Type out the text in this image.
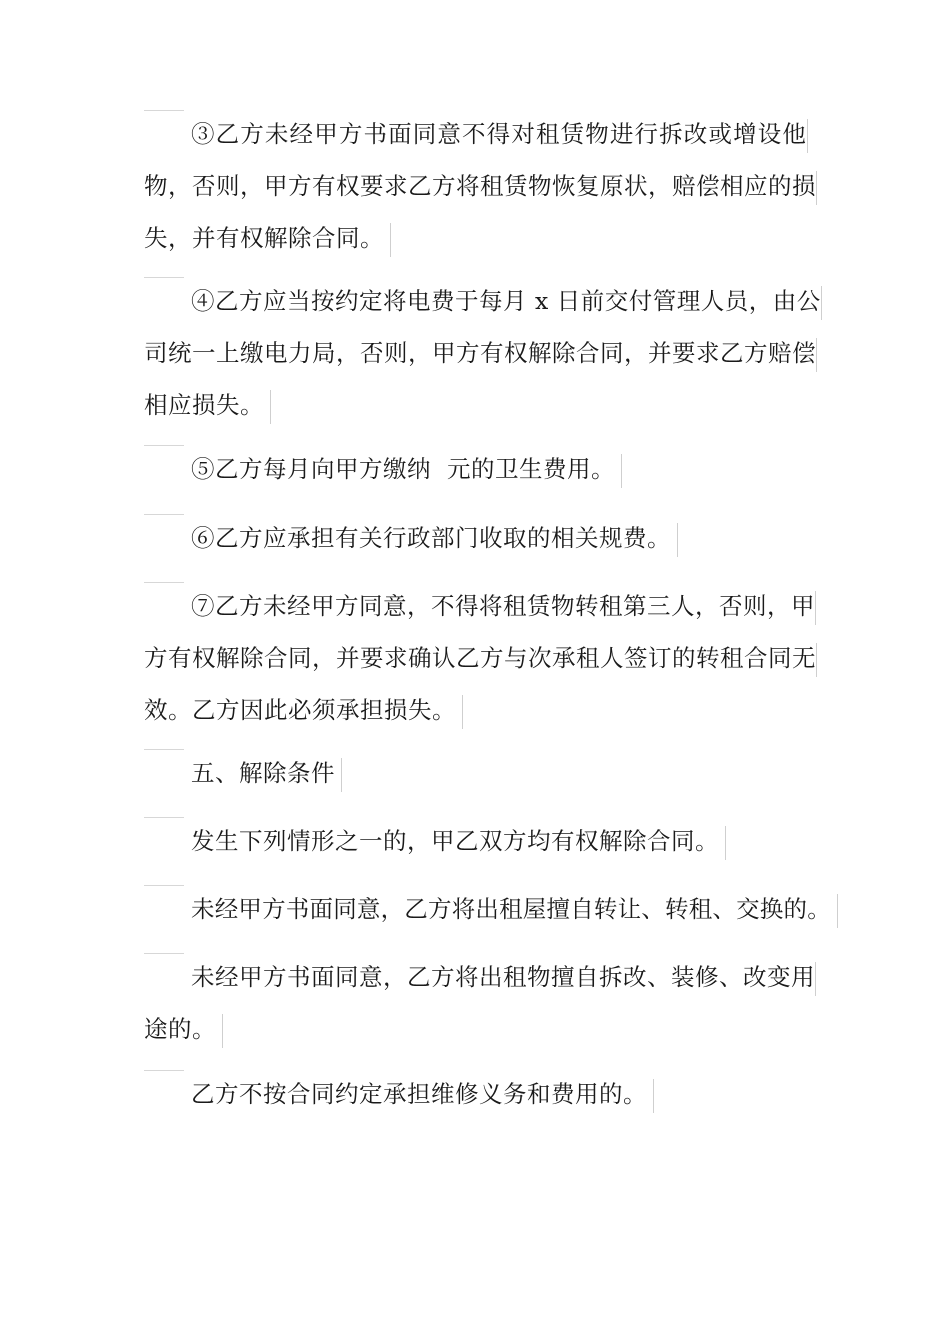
③乙方未经甲方书面同意不得对租赁物进行拆改或增设他
物，否则，甲方有权要求乙方将租赁物恢复原状，赔偿相应的损
失，并有权解除合同。
④乙方应当按约定将电费于每月 x 日前交付管理人员，由公
司统一上缴电力局，否则，甲方有权解除合同，并要求乙方赔偿
相应损失。
⑤乙方每月向甲方缴纳  元的卫生费用。
⑥乙方应承担有关行政部门收取的相关规费。
⑦乙方未经甲方同意，不得将租赁物转租第三人，否则，甲
方有权解除合同，并要求确认乙方与次承租人签订的转租合同无
效。乙方因此必须承担损失。
五、解除条件
发生下列情形之一的，甲乙双方均有权解除合同。
未经甲方书面同意，乙方将出租屋擅自转让、转租、交换的。
未经甲方书面同意，乙方将出租物擅自拆改、装修、改变用
途的。
乙方不按合同约定承担维修义务和费用的。
